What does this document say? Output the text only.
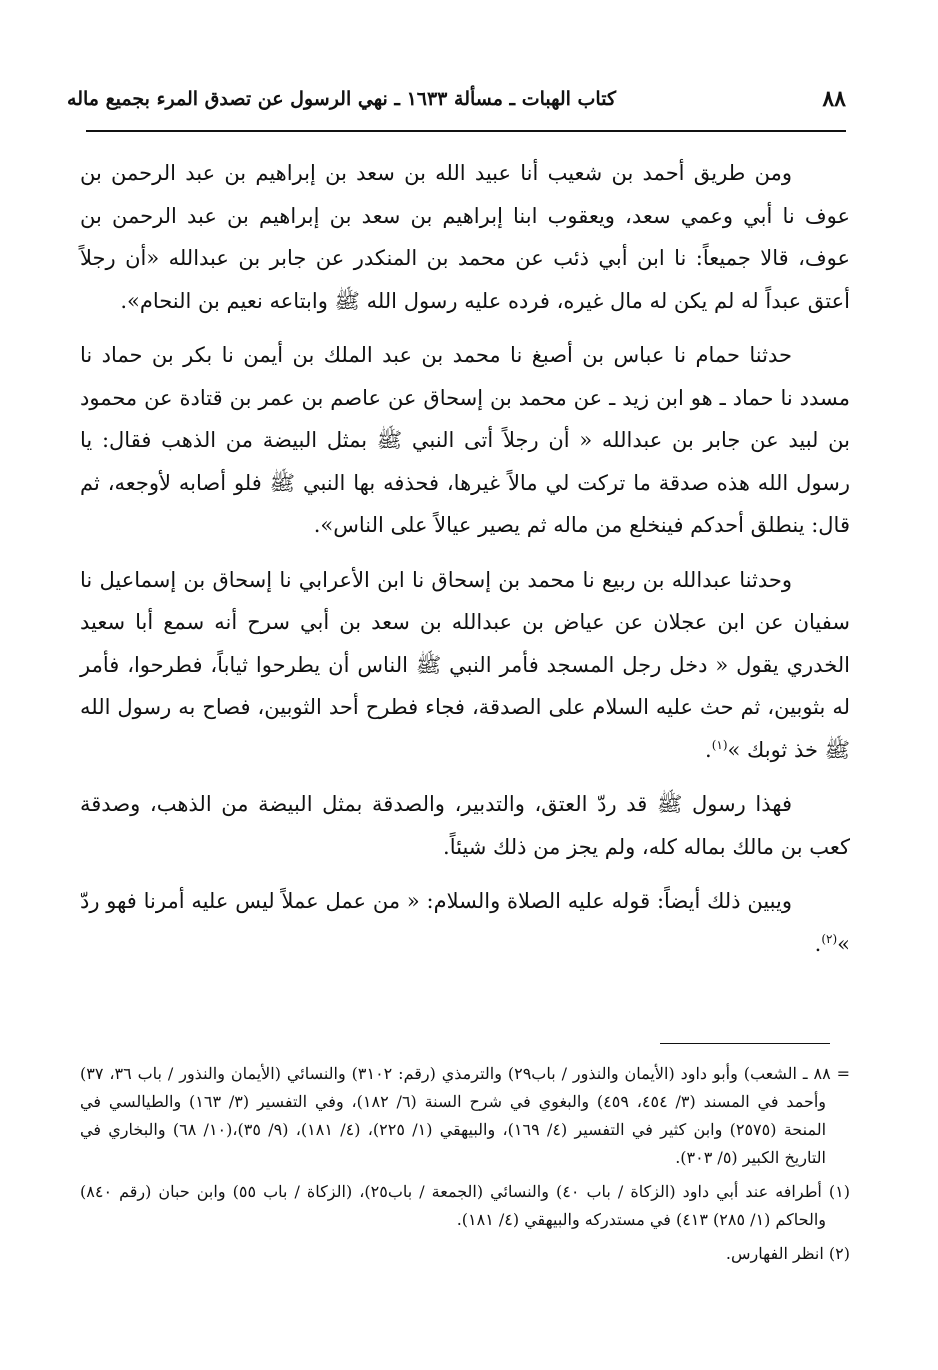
٨٨
كتاب الهبات ـ مسألة ١٦٣٣ ـ نهي الرسول عن تصدق المرء بجميع ماله

ومن طريق أحمد بن شعيب أنا عبيد الله بن سعد بن إبراهيم بن عبد الرحمن بن عوف نا أبي وعمي سعد، ويعقوب ابنا إبراهيم بن سعد بن إبراهيم بن عبد الرحمن بن عوف، قالا جميعاً: نا ابن أبي ذئب عن محمد بن المنكدر عن جابر بن عبدالله «أن رجلاً أعتق عبداً له لم يكن له مال غيره، فرده عليه رسول الله ﷺ وابتاعه نعيم بن النحام».

حدثنا حمام نا عباس بن أصبغ نا محمد بن عبد الملك بن أيمن نا بكر بن حماد نا مسدد نا حماد ـ هو ابن زيد ـ عن محمد بن إسحاق عن عاصم بن عمر بن قتادة عن محمود بن لبيد عن جابر بن عبدالله « أن رجلاً أتى النبي ﷺ بمثل البيضة من الذهب فقال: يا رسول الله هذه صدقة ما تركت لي مالاً غيرها، فحذفه بها النبي ﷺ فلو أصابه لأوجعه، ثم قال: ينطلق أحدكم فينخلع من ماله ثم يصير عيالاً على الناس».

وحدثنا عبدالله بن ربيع نا محمد بن إسحاق نا ابن الأعرابي نا إسحاق بن إسماعيل نا سفيان عن ابن عجلان عن عياض بن عبدالله بن سعد بن أبي سرح أنه سمع أبا سعيد الخدري يقول « دخل رجل المسجد فأمر النبي ﷺ الناس أن يطرحوا ثياباً، فطرحوا، فأمر له بثوبين، ثم حث عليه السلام على الصدقة، فجاء فطرح أحد الثوبين، فصاح به رسول الله ﷺ خذ ثوبك »$^{(١)}$.

فهذا رسول ﷺ قد ردّ العتق، والتدبير، والصدقة بمثل البيضة من الذهب، وصدقة كعب بن مالك بماله كله، ولم يجز من ذلك شيئاً.

ويبين ذلك أيضاً: قوله عليه الصلاة والسلام: « من عمل عملاً ليس عليه أمرنا فهو ردّ »$^{(٢)}$.

= ٨٨ ـ الشعب) وأبو داود (الأيمان والنذور / باب٢٩) والترمذي (رقم: ٣١٠٢) والنسائي (الأيمان والنذور / باب ٣٦، ٣٧) وأحمد في المسند (٣/ ٤٥٤، ٤٥٩) والبغوي في شرح السنة (٦/ ١٨٢)، وفي التفسير (٣/ ١٦٣) والطيالسي في المنحة (٢٥٧٥) وابن كثير في التفسير (٤/ ١٦٩)، والبيهقي (١/ ٢٢٥)، (٤/ ١٨١)، (٩/ ٣٥)،(١٠/ ٦٨) والبخاري في التاريخ الكبير (٥/ ٣٠٣).

(١) أطرافه عند أبي داود (الزكاة / باب ٤٠) والنسائي (الجمعة / باب٢٥)، (الزكاة / باب ٥٥) وابن حبان (رقم ٨٤٠) والحاكم (١/ ٢٨٥) ٤١٣) في مستدركه والبيهقي (٤/ ١٨١).

(٢) انظر الفهارس.
